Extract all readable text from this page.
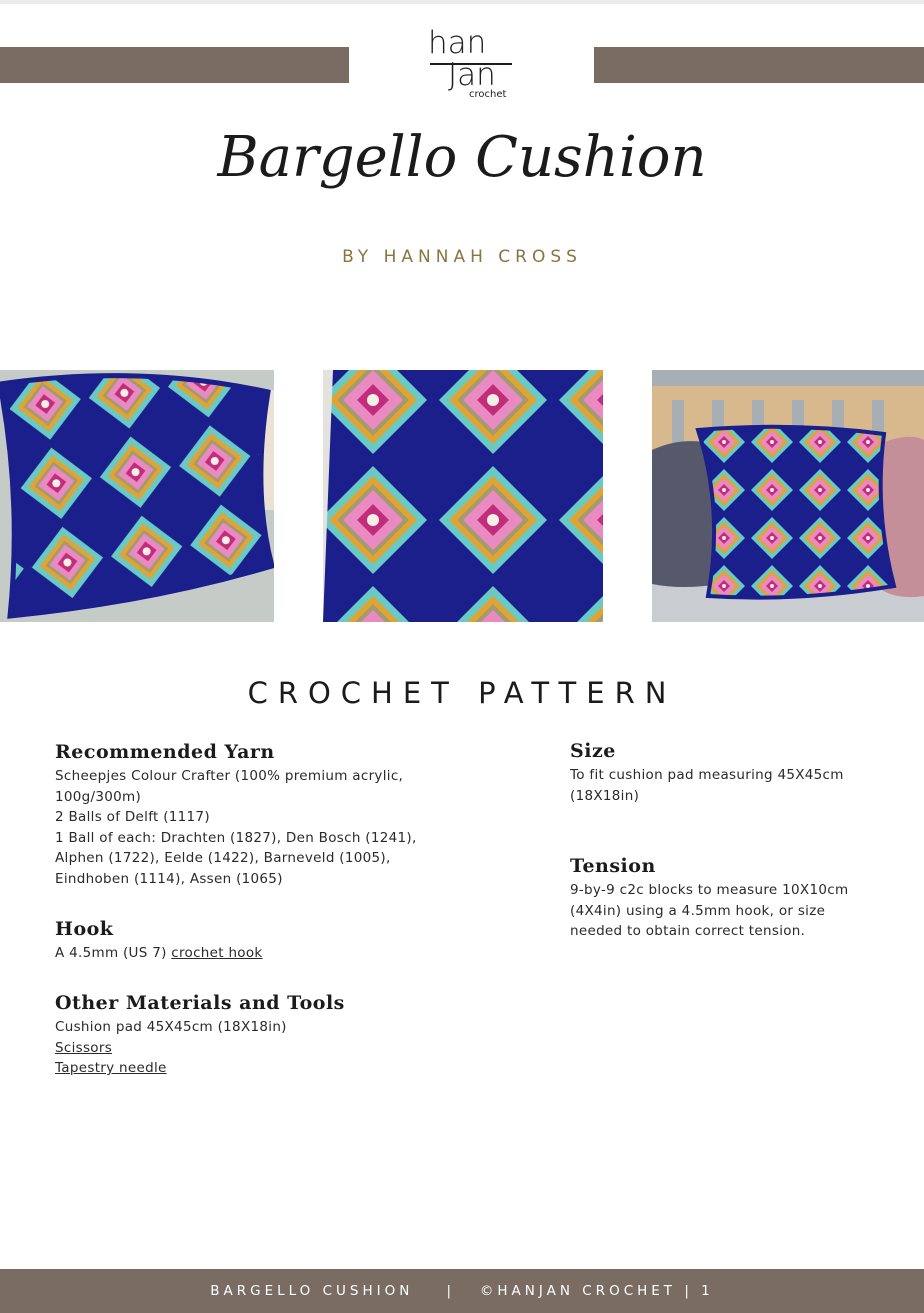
han
Jan
crochet
Bargello Cushion
BY HANNAH CROSS
CROCHET PATTERN
Recommended Yarn

Scheepjes Colour Crafter (100% premium acrylic,

100g/300m)

2 Balls of Delft (1117)

1 Ball of each: Drachten (1827), Den Bosch (1241),

Alphen (1722), Eelde (1422), Barneveld (1005),

Eindhoben (1114), Assen (1065)

Hook

A 4.5mm (US 7) crochet hook

Other Materials and Tools

Cushion pad 45X45cm (18X18in)

Scissors

Tapestry needle

Size

To fit cushion pad measuring 45X45cm

(18X18in)

Tension

9-by-9 c2c blocks to measure 10X10cm

(4X4in) using a 4.5mm hook, or size

needed to obtain correct tension.

BARGELLO CUSHION    |   ©HANJAN CROCHET | 1
